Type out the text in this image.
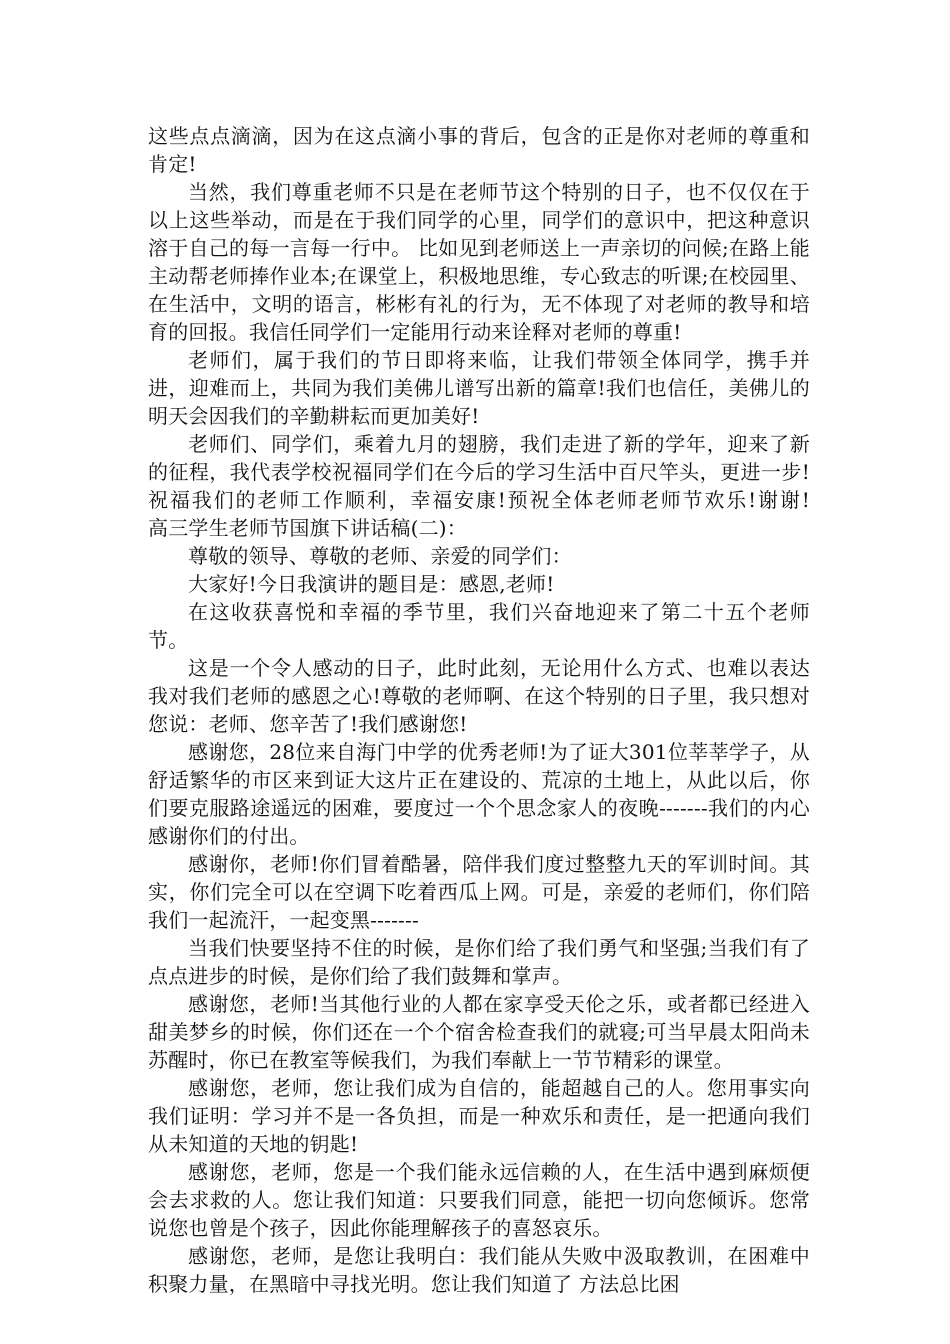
这些点点滴滴，因为在这点滴小事的背后，包含的正是你对老师的尊重和肯定!

当然，我们尊重老师不只是在老师节这个特别的日子，也不仅仅在于以上这些举动，而是在于我们同学的心里，同学们的意识中，把这种意识溶于自己的每一言每一行中。 比如见到老师送上一声亲切的问候;在路上能主动帮老师捧作业本;在课堂上，积极地思维，专心致志的听课;在校园里、在生活中，文明的语言，彬彬有礼的行为，无不体现了对老师的教导和培育的回报。我信任同学们一定能用行动来诠释对老师的尊重!

老师们，属于我们的节日即将来临，让我们带领全体同学，携手并进，迎难而上，共同为我们美佛儿谱写出新的篇章!我们也信任，美佛儿的明天会因我们的辛勤耕耘而更加美好!

老师们、同学们，乘着九月的翅膀，我们走进了新的学年，迎来了新的征程，我代表学校祝福同学们在今后的学习生活中百尺竿头，更进一步!祝福我们的老师工作顺利，幸福安康!预祝全体老师老师节欢乐!谢谢!　　高三学生老师节国旗下讲话稿(二)：

尊敬的领导、尊敬的老师、亲爱的同学们：

大家好!今日我演讲的题目是：感恩,老师!

在这收获喜悦和幸福的季节里，我们兴奋地迎来了第二十五个老师节。

这是一个令人感动的日子，此时此刻，无论用什么方式、也难以表达我对我们老师的感恩之心!尊敬的老师啊、在这个特别的日子里，我只想对您说：老师、您辛苦了!我们感谢您!

感谢您，28位来自海门中学的优秀老师!为了证大301位莘莘学子，从舒适繁华的市区来到证大这片正在建设的、荒凉的土地上，从此以后，你们要克服路途遥远的困难，要度过一个个思念家人的夜晚-------我们的内心感谢你们的付出。

感谢你，老师!你们冒着酷暑，陪伴我们度过整整九天的军训时间。其实，你们完全可以在空调下吃着西瓜上网。可是，亲爱的老师们，你们陪我们一起流汗，一起变黑-------

当我们快要坚持不住的时候，是你们给了我们勇气和坚强;当我们有了点点进步的时候，是你们给了我们鼓舞和掌声。

感谢您，老师!当其他行业的人都在家享受天伦之乐，或者都已经进入甜美梦乡的时候，你们还在一个个宿舍检查我们的就寝;可当早晨太阳尚未苏醒时，你已在教室等候我们，为我们奉献上一节节精彩的课堂。

感谢您，老师，您让我们成为自信的，能超越自己的人。您用事实向我们证明：学习并不是一各负担，而是一种欢乐和责任，是一把通向我们从未知道的天地的钥匙!

感谢您，老师，您是一个我们能永远信赖的人，在生活中遇到麻烦便会去求救的人。您让我们知道：只要我们同意，能把一切向您倾诉。您常说您也曾是个孩子，因此你能理解孩子的喜怒哀乐。

感谢您，老师，是您让我明白：我们能从失败中汲取教训，在困难中积聚力量，在黑暗中寻找光明。您让我们知道了 方法总比困
